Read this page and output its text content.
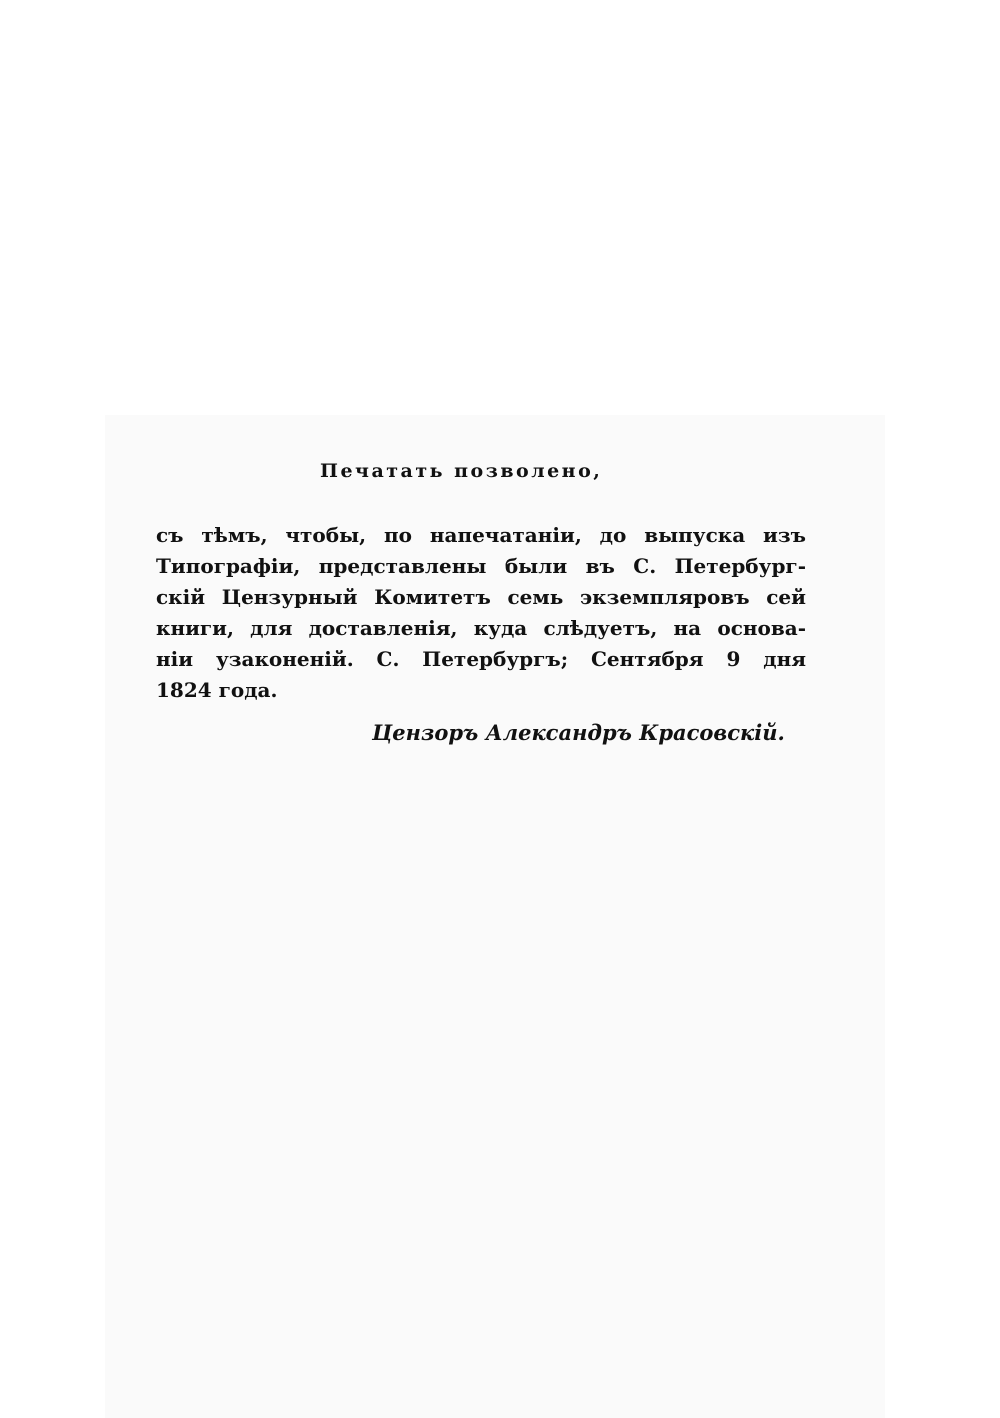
Печатать позволено,
съ тѣмъ, чтобы, по напечатаніи, до выпуска изъ
Типографіи, представлены были въ С. Петербург-
скій Цензурный Комитетъ семь экземпляровъ сей
книги, для доставленія, куда слѣдуетъ, на основа-
ніи узаконеній. С. Петербургъ; Сентября 9 дня
1824 года.
Цензоръ Александръ Красовскій.
